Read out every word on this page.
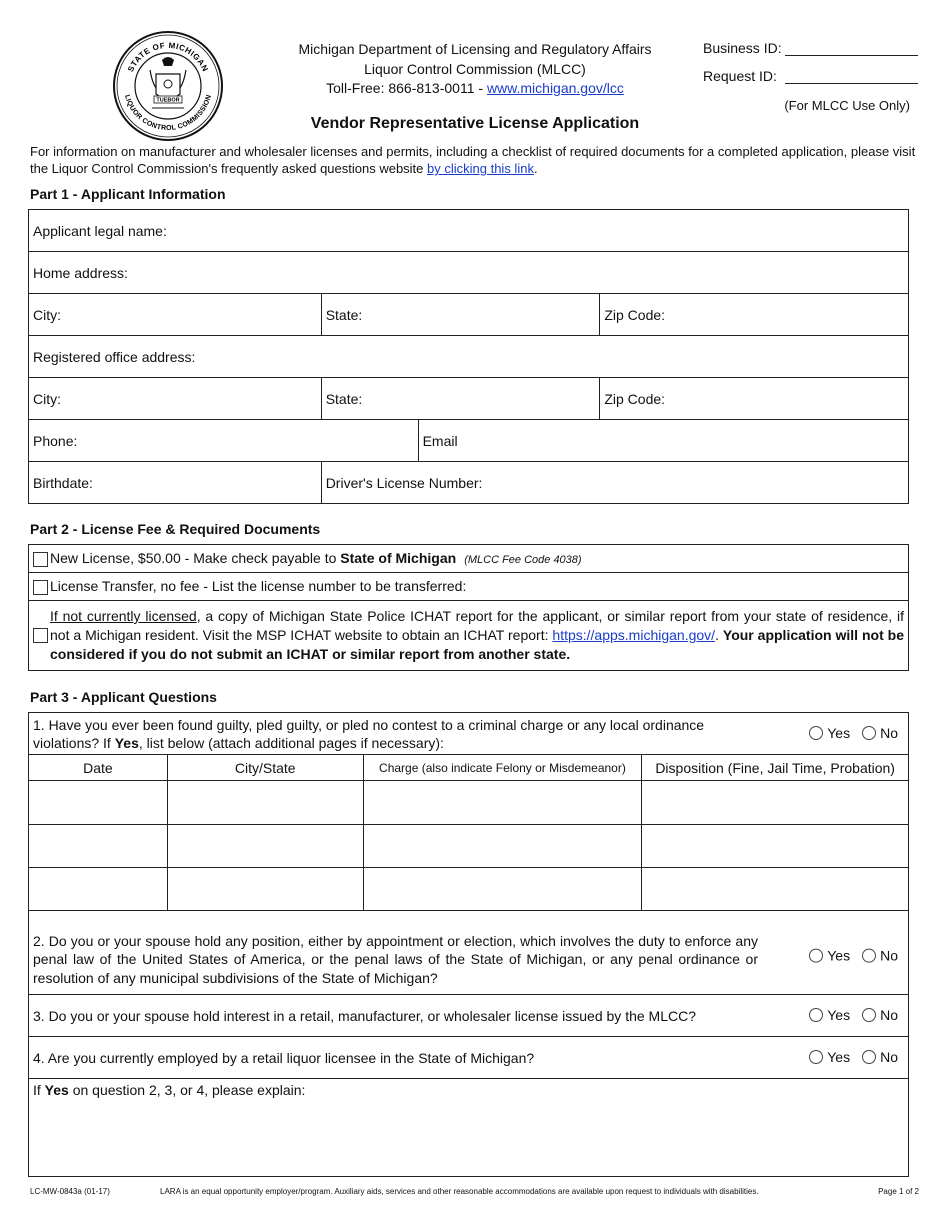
STATE OF MICHIGAN
LIQUOR CONTROL COMMISSION
TUEBOR
Michigan Department of Licensing and Regulatory Affairs
Liquor Control Commission (MLCC)
Toll-Free: 866-813-0011 - www.michigan.gov/lcc
Business ID:
Request ID:
(For MLCC Use Only)
Vendor Representative License Application
For information on manufacturer and wholesaler licenses and permits, including a checklist of required documents for a completed application, please visit the Liquor Control Commission's frequently asked questions website by clicking this link.
Part 1 - Applicant Information
Applicant legal name:			
Home address:			
City:	State:		Zip Code:
Registered office address:			
City:	State:		Zip Code:
Phone:		Email	
Birthdate:	Driver's License Number:		
Part 2 - License Fee & Required Documents
New License, $50.00 - Make check payable to State of Michigan (MLCC Fee Code 4038)

License Transfer, no fee - List the license number to be transferred:

If not currently licensed, a copy of Michigan State Police ICHAT report for the applicant, or similar report from your state of residence, if not a Michigan resident. Visit the MSP ICHAT website to obtain an ICHAT report: https://apps.michigan.gov/. Your application will not be considered if you do not submit an ICHAT or similar report from another state.
Part 3 - Applicant Questions
1. Have you ever been found guilty, pled guilty, or pled no contest to a criminal charge or any local ordinance violations? If Yes, list below (attach additional pages if necessary):
Yes No			

Date	City/State	Charge (also indicate Felony or Misdemeanor)	Disposition (Fine, Jail Time, Probation)

2. Do you or your spouse hold any position, either by appointment or election, which involves the duty to enforce any penal law of the United States of America, or the penal laws of the State of Michigan, or any penal ordinance or resolution of any municipal subdivisions of the State of Michigan?
Yes No			

3. Do you or your spouse hold interest in a retail, manufacturer, or wholesaler license issued by the MLCC? Yes No			

4. Are you currently employed by a retail liquor licensee in the State of Michigan? Yes No			

If Yes on question 2, 3, or 4, please explain:			
LC-MW-0843a (01-17)	LARA is an equal opportunity employer/program. Auxiliary aids, services and other reasonable accommodations are available upon request to individuals with disabilities.	Page 1 of 2
